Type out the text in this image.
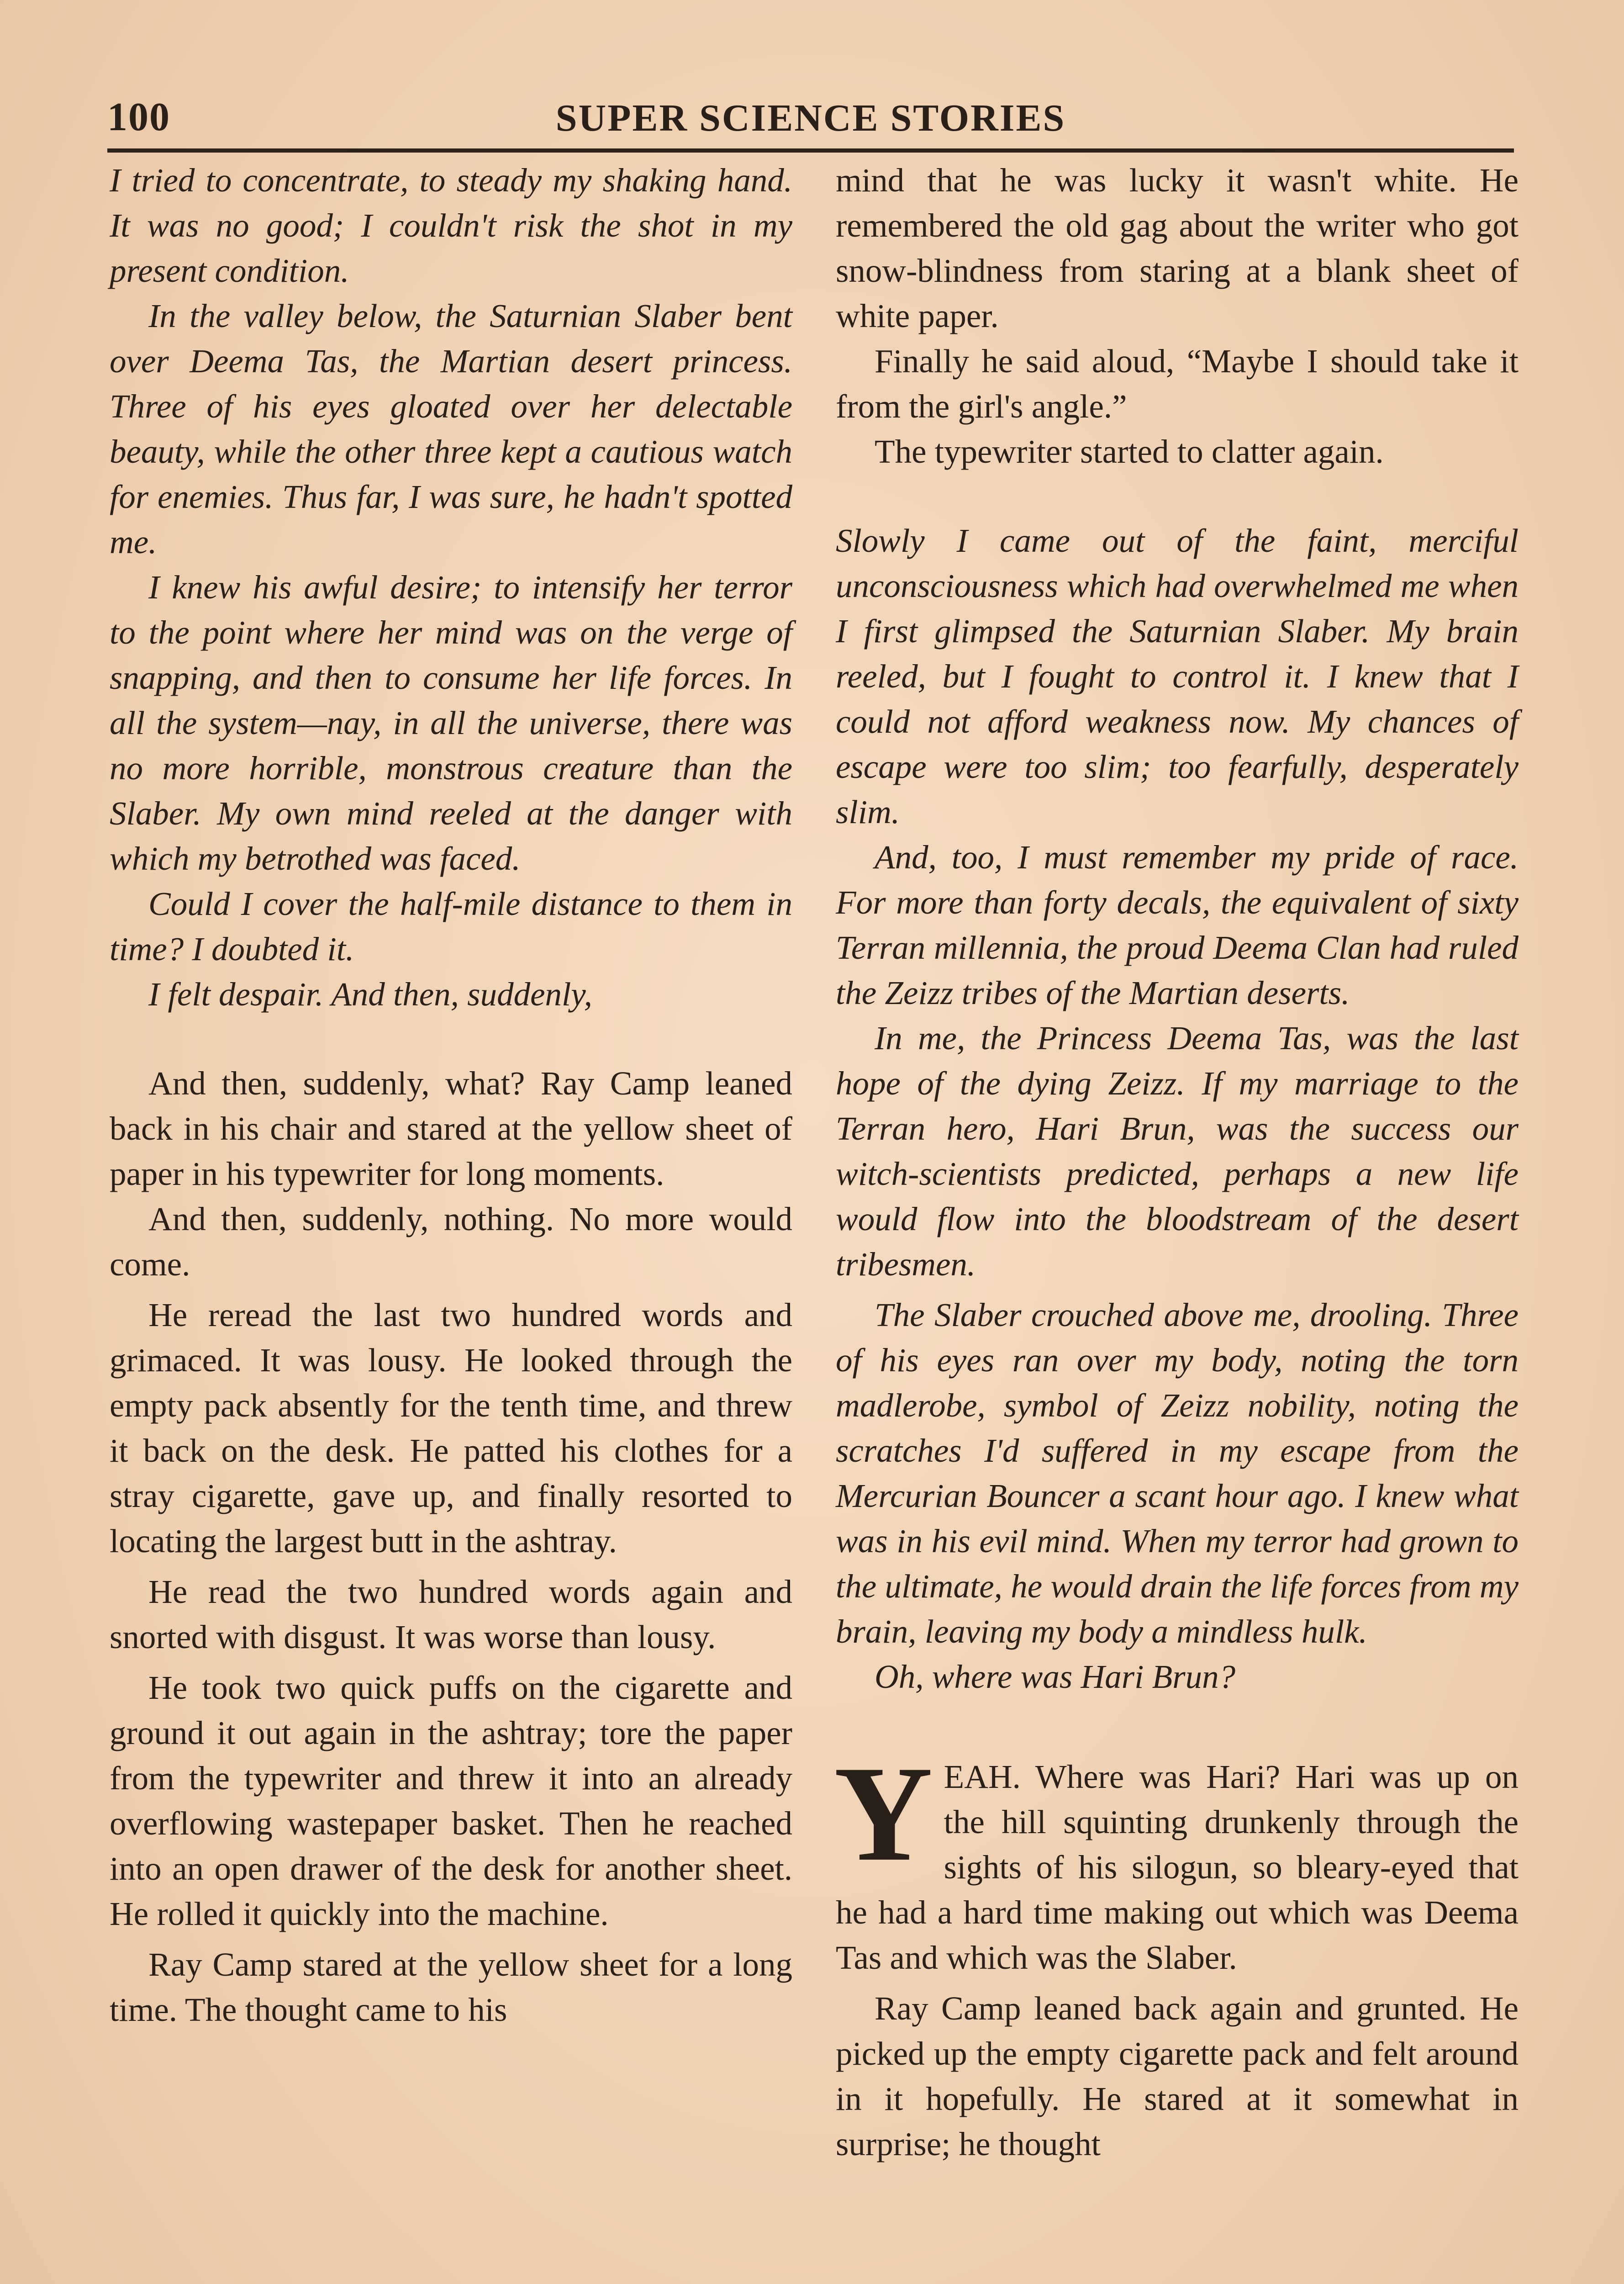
100	SUPER SCIENCE STORIES

I tried to concentrate, to steady my shaking hand. It was no good; I couldn't risk the shot in my present condition.

In the valley below, the Saturnian Slaber bent over Deema Tas, the Martian desert princess. Three of his eyes gloated over her delectable beauty, while the other three kept a cautious watch for enemies. Thus far, I was sure, he hadn't spotted me.

I knew his awful desire; to intensify her terror to the point where her mind was on the verge of snapping, and then to consume her life forces. In all the system—nay, in all the universe, there was no more horrible, monstrous creature than the Slaber. My own mind reeled at the danger with which my betrothed was faced.

Could I cover the half-mile distance to them in time? I doubted it.

I felt despair. And then, suddenly,

And then, suddenly, what? Ray Camp leaned back in his chair and stared at the yellow sheet of paper in his typewriter for long moments.

And then, suddenly, nothing. No more would come.

He reread the last two hundred words and grimaced. It was lousy. He looked through the empty pack absently for the tenth time, and threw it back on the desk. He patted his clothes for a stray cigarette, gave up, and finally resorted to locating the largest butt in the ashtray.

He read the two hundred words again and snorted with disgust. It was worse than lousy.

He took two quick puffs on the cigarette and ground it out again in the ashtray; tore the paper from the typewriter and threw it into an already overflowing wastepaper basket. Then he reached into an open drawer of the desk for another sheet. He rolled it quickly into the machine.

Ray Camp stared at the yellow sheet for a long time. The thought came to his

mind that he was lucky it wasn't white. He remembered the old gag about the writer who got snow-blindness from staring at a blank sheet of white paper.

Finally he said aloud, “Maybe I should take it from the girl's angle.”

The typewriter started to clatter again.

Slowly I came out of the faint, merciful unconsciousness which had overwhelmed me when I first glimpsed the Saturnian Slaber. My brain reeled, but I fought to control it. I knew that I could not afford weakness now. My chances of escape were too slim; too fearfully, desperately slim.

And, too, I must remember my pride of race. For more than forty decals, the equivalent of sixty Terran millennia, the proud Deema Clan had ruled the Zeizz tribes of the Martian deserts.

In me, the Princess Deema Tas, was the last hope of the dying Zeizz. If my marriage to the Terran hero, Hari Brun, was the success our witch-scientists predicted, perhaps a new life would flow into the bloodstream of the desert tribesmen.

The Slaber crouched above me, drooling. Three of his eyes ran over my body, noting the torn madlerobe, symbol of Zeizz nobility, noting the scratches I'd suffered in my escape from the Mercurian Bouncer a scant hour ago. I knew what was in his evil mind. When my terror had grown to the ultimate, he would drain the life forces from my brain, leaving my body a mindless hulk.

Oh, where was Hari Brun?

YEAH. Where was Hari? Hari was up on the hill squinting drunkenly through the sights of his silogun, so bleary-eyed that he had a hard time making out which was Deema Tas and which was the Slaber.

Ray Camp leaned back again and grunted. He picked up the empty cigarette pack and felt around in it hopefully. He stared at it somewhat in surprise; he thought
